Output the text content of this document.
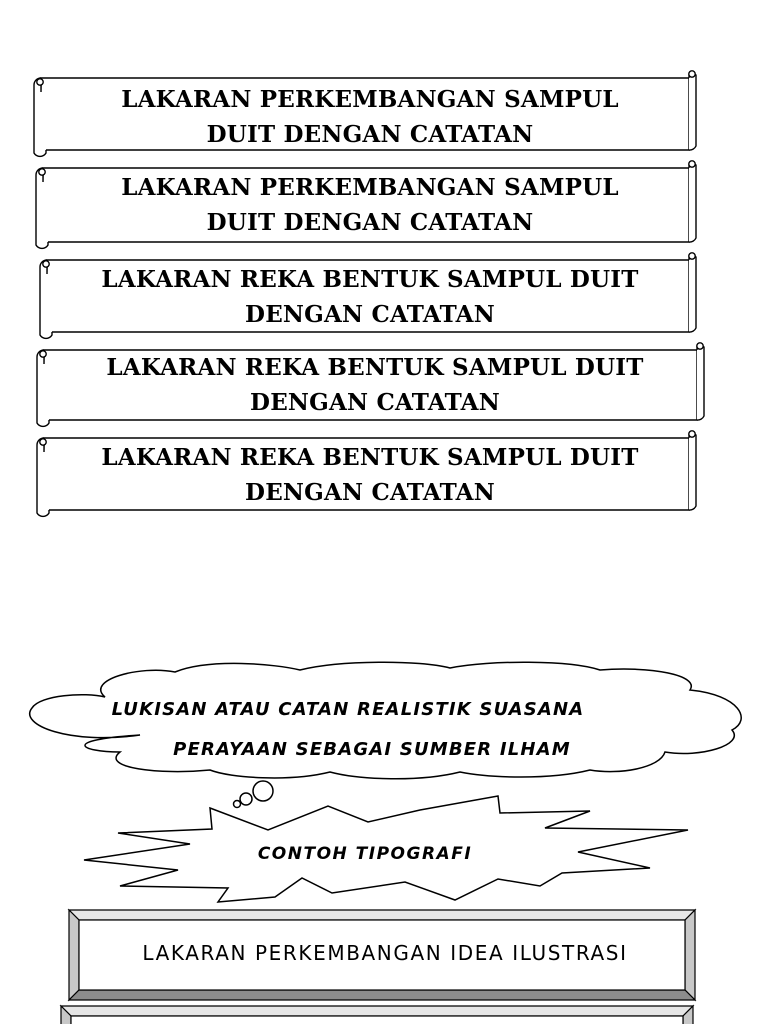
LAKARAN PERKEMBANGAN SAMPUL
DUIT DENGAN CATATAN
LAKARAN PERKEMBANGAN SAMPUL
DUIT DENGAN CATATAN
LAKARAN REKA BENTUK SAMPUL DUIT
DENGAN CATATAN
LAKARAN REKA BENTUK SAMPUL DUIT
DENGAN CATATAN
LAKARAN REKA BENTUK SAMPUL DUIT
DENGAN CATATAN
LUKISAN ATAU CATAN REALISTIK SUASANA
PERAYAAN SEBAGAI SUMBER ILHAM
CONTOH TIPOGRAFI
LAKARAN PERKEMBANGAN IDEA ILUSTRASI
